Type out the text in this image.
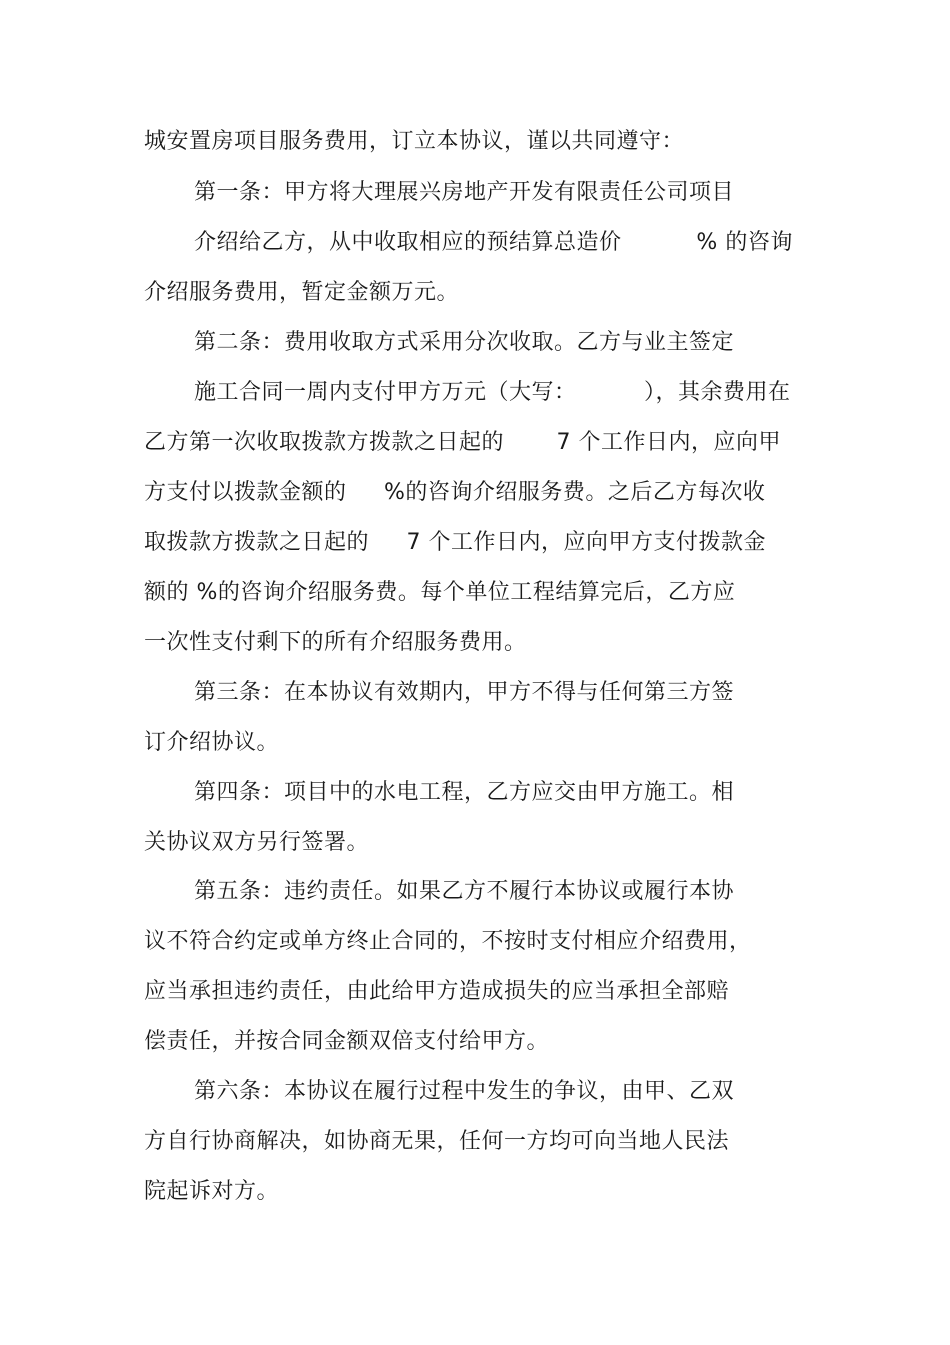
城安置房项目服务费用，订立本协议，谨以共同遵守：
第一条：甲方将大理展兴房地产开发有限责任公司项目
介绍给乙方，从中收取相应的预结算总造价          % 的咨询
介绍服务费用，暂定金额万元。
第二条：费用收取方式采用分次收取。乙方与业主签定
施工合同一周内支付甲方万元（大写：         ），其余费用在
乙方第一次收取拨款方拨款之日起的       7 个工作日内，应向甲
方支付以拨款金额的     %的咨询介绍服务费。之后乙方每次收
取拨款方拨款之日起的     7 个工作日内，应向甲方支付拨款金
额的 %的咨询介绍服务费。每个单位工程结算完后，乙方应
一次性支付剩下的所有介绍服务费用。
第三条：在本协议有效期内，甲方不得与任何第三方签
订介绍协议。
第四条：项目中的水电工程，乙方应交由甲方施工。相
关协议双方另行签署。
第五条：违约责任。如果乙方不履行本协议或履行本协
议不符合约定或单方终止合同的，不按时支付相应介绍费用，
应当承担违约责任，由此给甲方造成损失的应当承担全部赔
偿责任，并按合同金额双倍支付给甲方。
第六条：本协议在履行过程中发生的争议，由甲、乙双
方自行协商解决，如协商无果，任何一方均可向当地人民法
院起诉对方。
